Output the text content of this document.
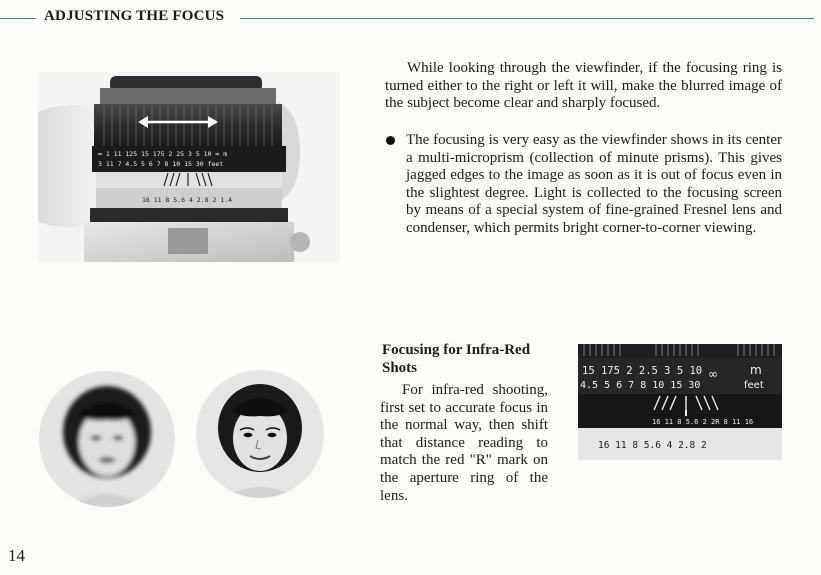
ADJUSTING THE FOCUS
∞ 1 11 125 15 175 2 25 3 5 10 ∞ m
3 11 7 4.5 5 6 7 8 10 15 30 feet
16 11 8 5.6 4 2.8 2 1.4
While looking through the viewfinder, if the focusing ring is turned either to the right or left it will, make the blurred image of the subject become clear and sharply focused.
The focusing is very easy as the viewfinder shows in its center a multi-microprism (collection of minute prisms). This gives jagged edges to the image as soon as it is out of focus even in the slightest degree. Light is collected to the focusing screen by means of a special system of fine-grained Fresnel lens and condenser, which permits bright corner-to-corner viewing.
Focusing for Infra-Red Shots
For infra-red shooting, first set to accurate focus in the normal way, then shift that distance reading to match the red "R" mark on the aperture ring of the lens.
15 175 2 2.5 3 5 10 ∞	m
4.5 5 6 7 8 10 15 30	feet
16 11 8 5.6 2 2R 8 11 16
16 11 8 5.6 4 2.8 2
14
